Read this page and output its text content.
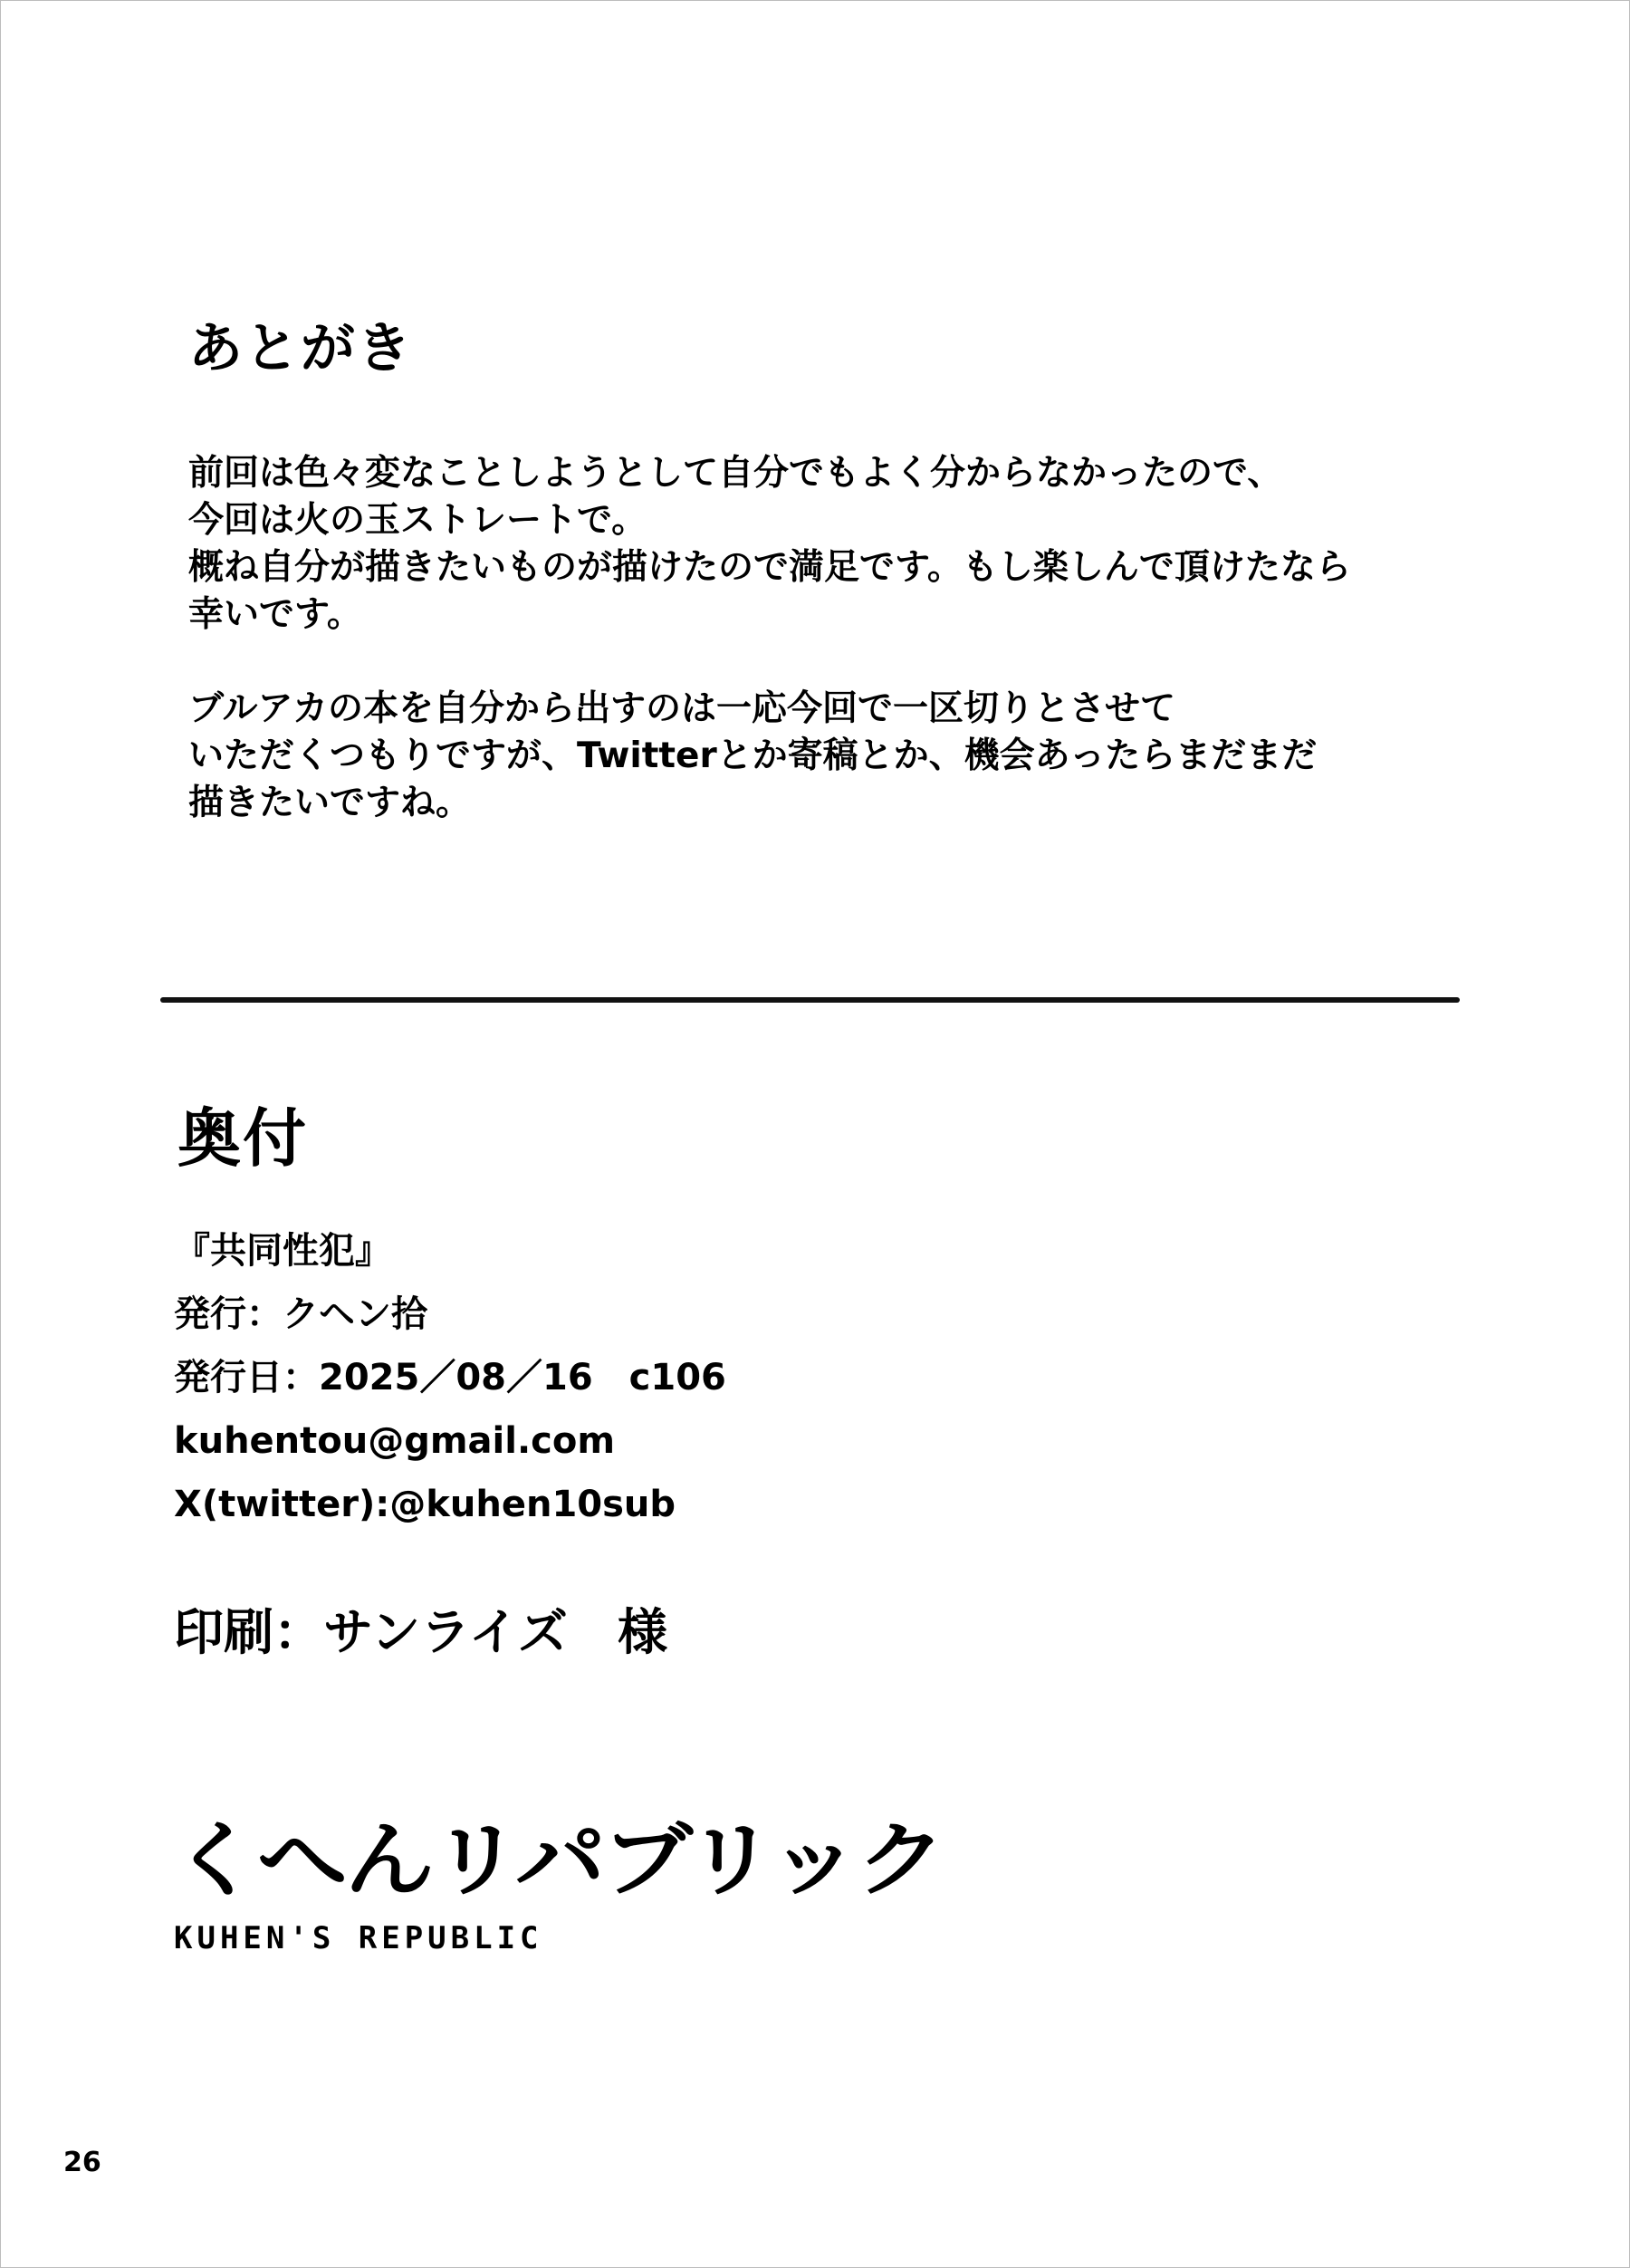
あとがき

前回は色々変なことしようとして自分でもよく分からなかったので、
今回は火の玉ストレートで。
概ね自分が描きたいものが描けたので満足です。もし楽しんで頂けたなら
幸いです。

ブルアカの本を自分から出すのは一応今回で一区切りとさせて
いただくつもりですが、Twitterとか寄稿とか、機会あったらまだまだ
描きたいですね。

奥付
『共同性犯』
発行：クヘン拾
発行日：2025／08／16　c106
kuhentou@gmail.com
X(twitter):@kuhen10sub
印刷：サンライズ　様
くへんリパブリック
KUHEN'S REPUBLIC
26
